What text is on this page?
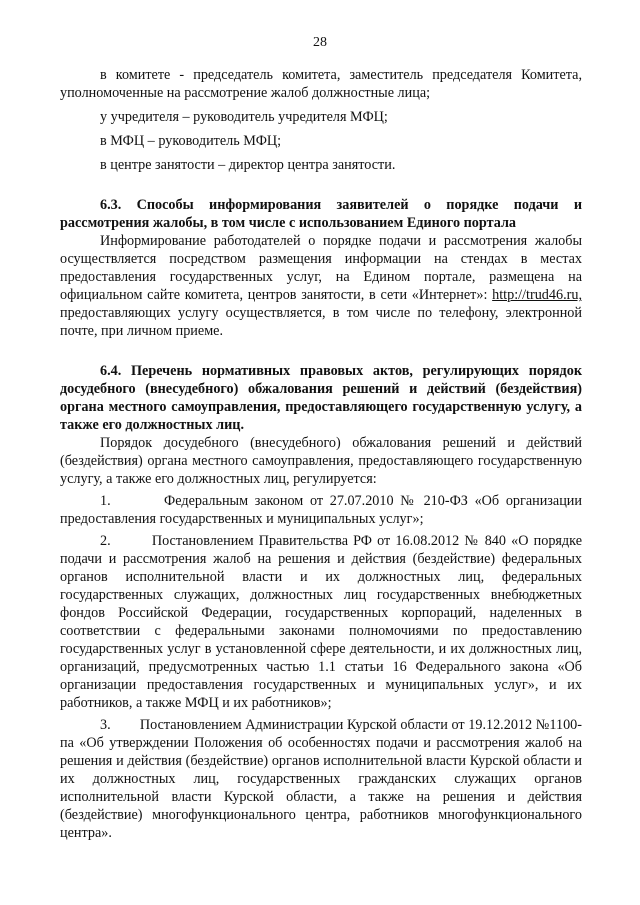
28

в комитете - председатель комитета, заместитель председателя Комитета, уполномоченные на рассмотрение жалоб должностные лица;

у учредителя – руководитель учредителя МФЦ;

в МФЦ – руководитель МФЦ;

в центре занятости – директор центра занятости.

6.3. Способы информирования заявителей о порядке подачи и рассмотрения жалобы, в том числе с использованием Единого портала

Информирование работодателей о порядке подачи и рассмотрения жалобы осуществляется посредством размещения информации на стендах в местах предоставления государственных услуг, на Едином портале, размещена на официальном сайте комитета, центров занятости, в сети «Интернет»: http://trud46.ru, предоставляющих услугу осуществляется, в том числе по телефону, электронной почте, при личном приеме.

6.4. Перечень нормативных правовых актов, регулирующих порядок досудебного (внесудебного) обжалования решений и действий (бездействия) органа местного самоуправления, предоставляющего государственную услугу, а также его должностных лиц.

Порядок досудебного (внесудебного) обжалования решений и действий (бездействия) органа местного самоуправления, предоставляющего государственную услугу, а также его должностных лиц, регулируется:

1.        Федеральным законом от 27.07.2010 № 210-ФЗ «Об организации предоставления государственных и муниципальных услуг»;

2.        Постановлением Правительства РФ от 16.08.2012 № 840 «О порядке подачи и рассмотрения жалоб на решения и действия (бездействие) федеральных органов исполнительной власти и их должностных лиц, федеральных государственных служащих, должностных лиц государственных внебюджетных фондов Российской Федерации, государственных корпораций, наделенных в соответствии с федеральными законами полномочиями по предоставлению государственных услуг в установленной сфере деятельности, и их должностных лиц, организаций, предусмотренных частью 1.1 статьи 16 Федерального закона «Об организации предоставления государственных и муниципальных услуг», и их работников, а также МФЦ и их работников»;

3.        Постановлением Администрации Курской области от 19.12.2012 №1100-па «Об утверждении Положения об особенностях подачи и рассмотрения жалоб на решения и действия (бездействие) органов исполнительной власти Курской области и их должностных лиц, государственных гражданских служащих органов исполнительной власти Курской области, а также на решения и действия (бездействие) многофункционального центра, работников многофункционального центра».
